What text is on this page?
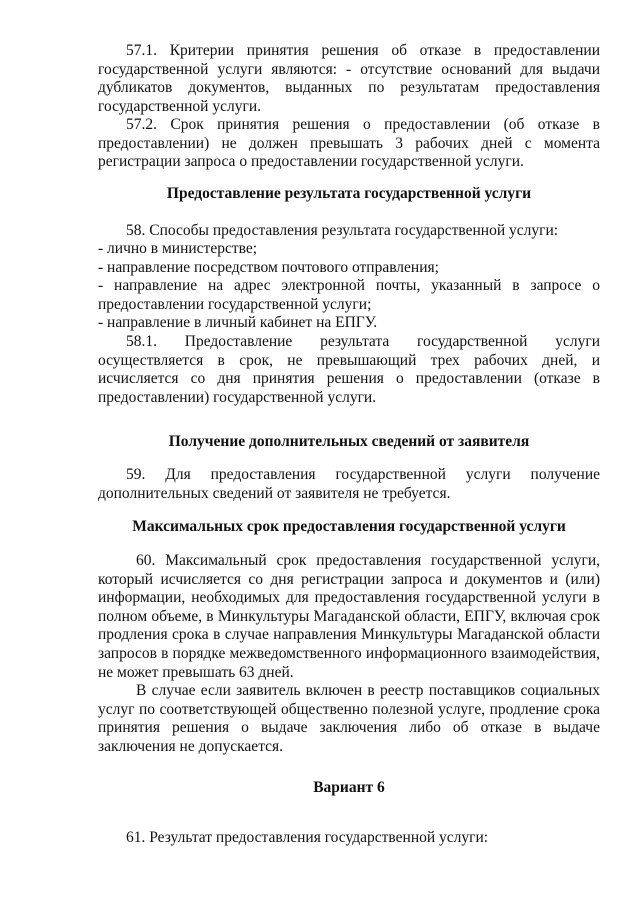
57.1. Критерии принятия решения об отказе в предоставлении государственной услуги являются: - отсутствие оснований для выдачи дубликатов документов, выданных по результатам предоставления государственной услуги.

57.2. Срок принятия решения о предоставлении (об отказе в предоставлении) не должен превышать 3 рабочих дней с момента регистрации запроса о предоставлении государственной услуги.

Предоставление результата государственной услуги

58. Способы предоставления результата государственной услуги:

- лично в министерстве;

- направление посредством почтового отправления;

- направление на адрес электронной почты, указанный в запросе о предоставлении государственной услуги;

- направление в личный кабинет на ЕПГУ.

58.1. Предоставление результата государственной услуги осуществляется в срок, не превышающий трех рабочих дней, и исчисляется со дня принятия решения о предоставлении (отказе в предоставлении) государственной услуги.

Получение дополнительных сведений от заявителя

59. Для предоставления государственной услуги получение дополнительных сведений от заявителя не требуется.

Максимальных срок предоставления государственной услуги

60. Максимальный срок предоставления государственной услуги, который исчисляется со дня регистрации запроса и документов и (или) информации, необходимых для предоставления государственной услуги в полном объеме, в Минкультуры Магаданской области, ЕПГУ, включая срок продления срока в случае направления Минкультуры Магаданской области запросов в порядке межведомственного информационного взаимодействия, не может превышать 63 дней.

В случае если заявитель включен в реестр поставщиков социальных услуг по соответствующей общественно полезной услуге, продление срока принятия решения о выдаче заключения либо об отказе в выдаче заключения не допускается.

Вариант 6

61. Результат предоставления государственной услуги:
